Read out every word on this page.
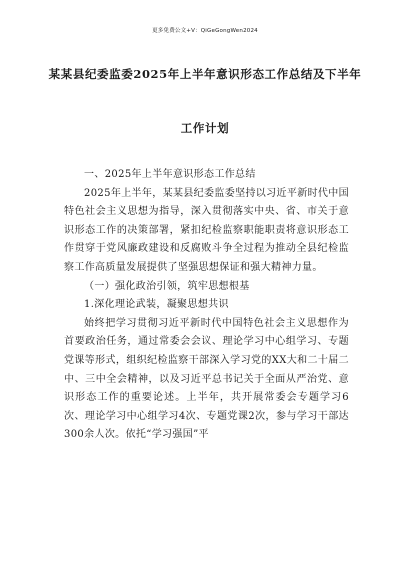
更多免费公文+V：QiGeGongWen2024
某某县纪委监委2025年上半年意识形态工作总结及下半年
工作计划

一、2025年上半年意识形态工作总结

2025年上半年，某某县纪委监委坚持以习近平新时代中国特色社会主义思想为指导，深入贯彻落实中央、省、市关于意识形态工作的决策部署，紧扣纪检监察职能职责将意识形态工作贯穿于党风廉政建设和反腐败斗争全过程为推动全县纪检监察工作高质量发展提供了坚强思想保证和强大精神力量。

（一）强化政治引领，筑牢思想根基

1.深化理论武装，凝聚思想共识

始终把学习贯彻习近平新时代中国特色社会主义思想作为首要政治任务，通过常委会会议、理论学习中心组学习、专题党课等形式，组织纪检监察干部深入学习党的XX大和二十届二中、三中全会精神，以及习近平总书记关于全面从严治党、意识形态工作的重要论述。上半年，共开展常委会专题学习6次、理论学习中心组学习4次、专题党课2次，参与学习干部达300余人次。依托“学习强国”平
